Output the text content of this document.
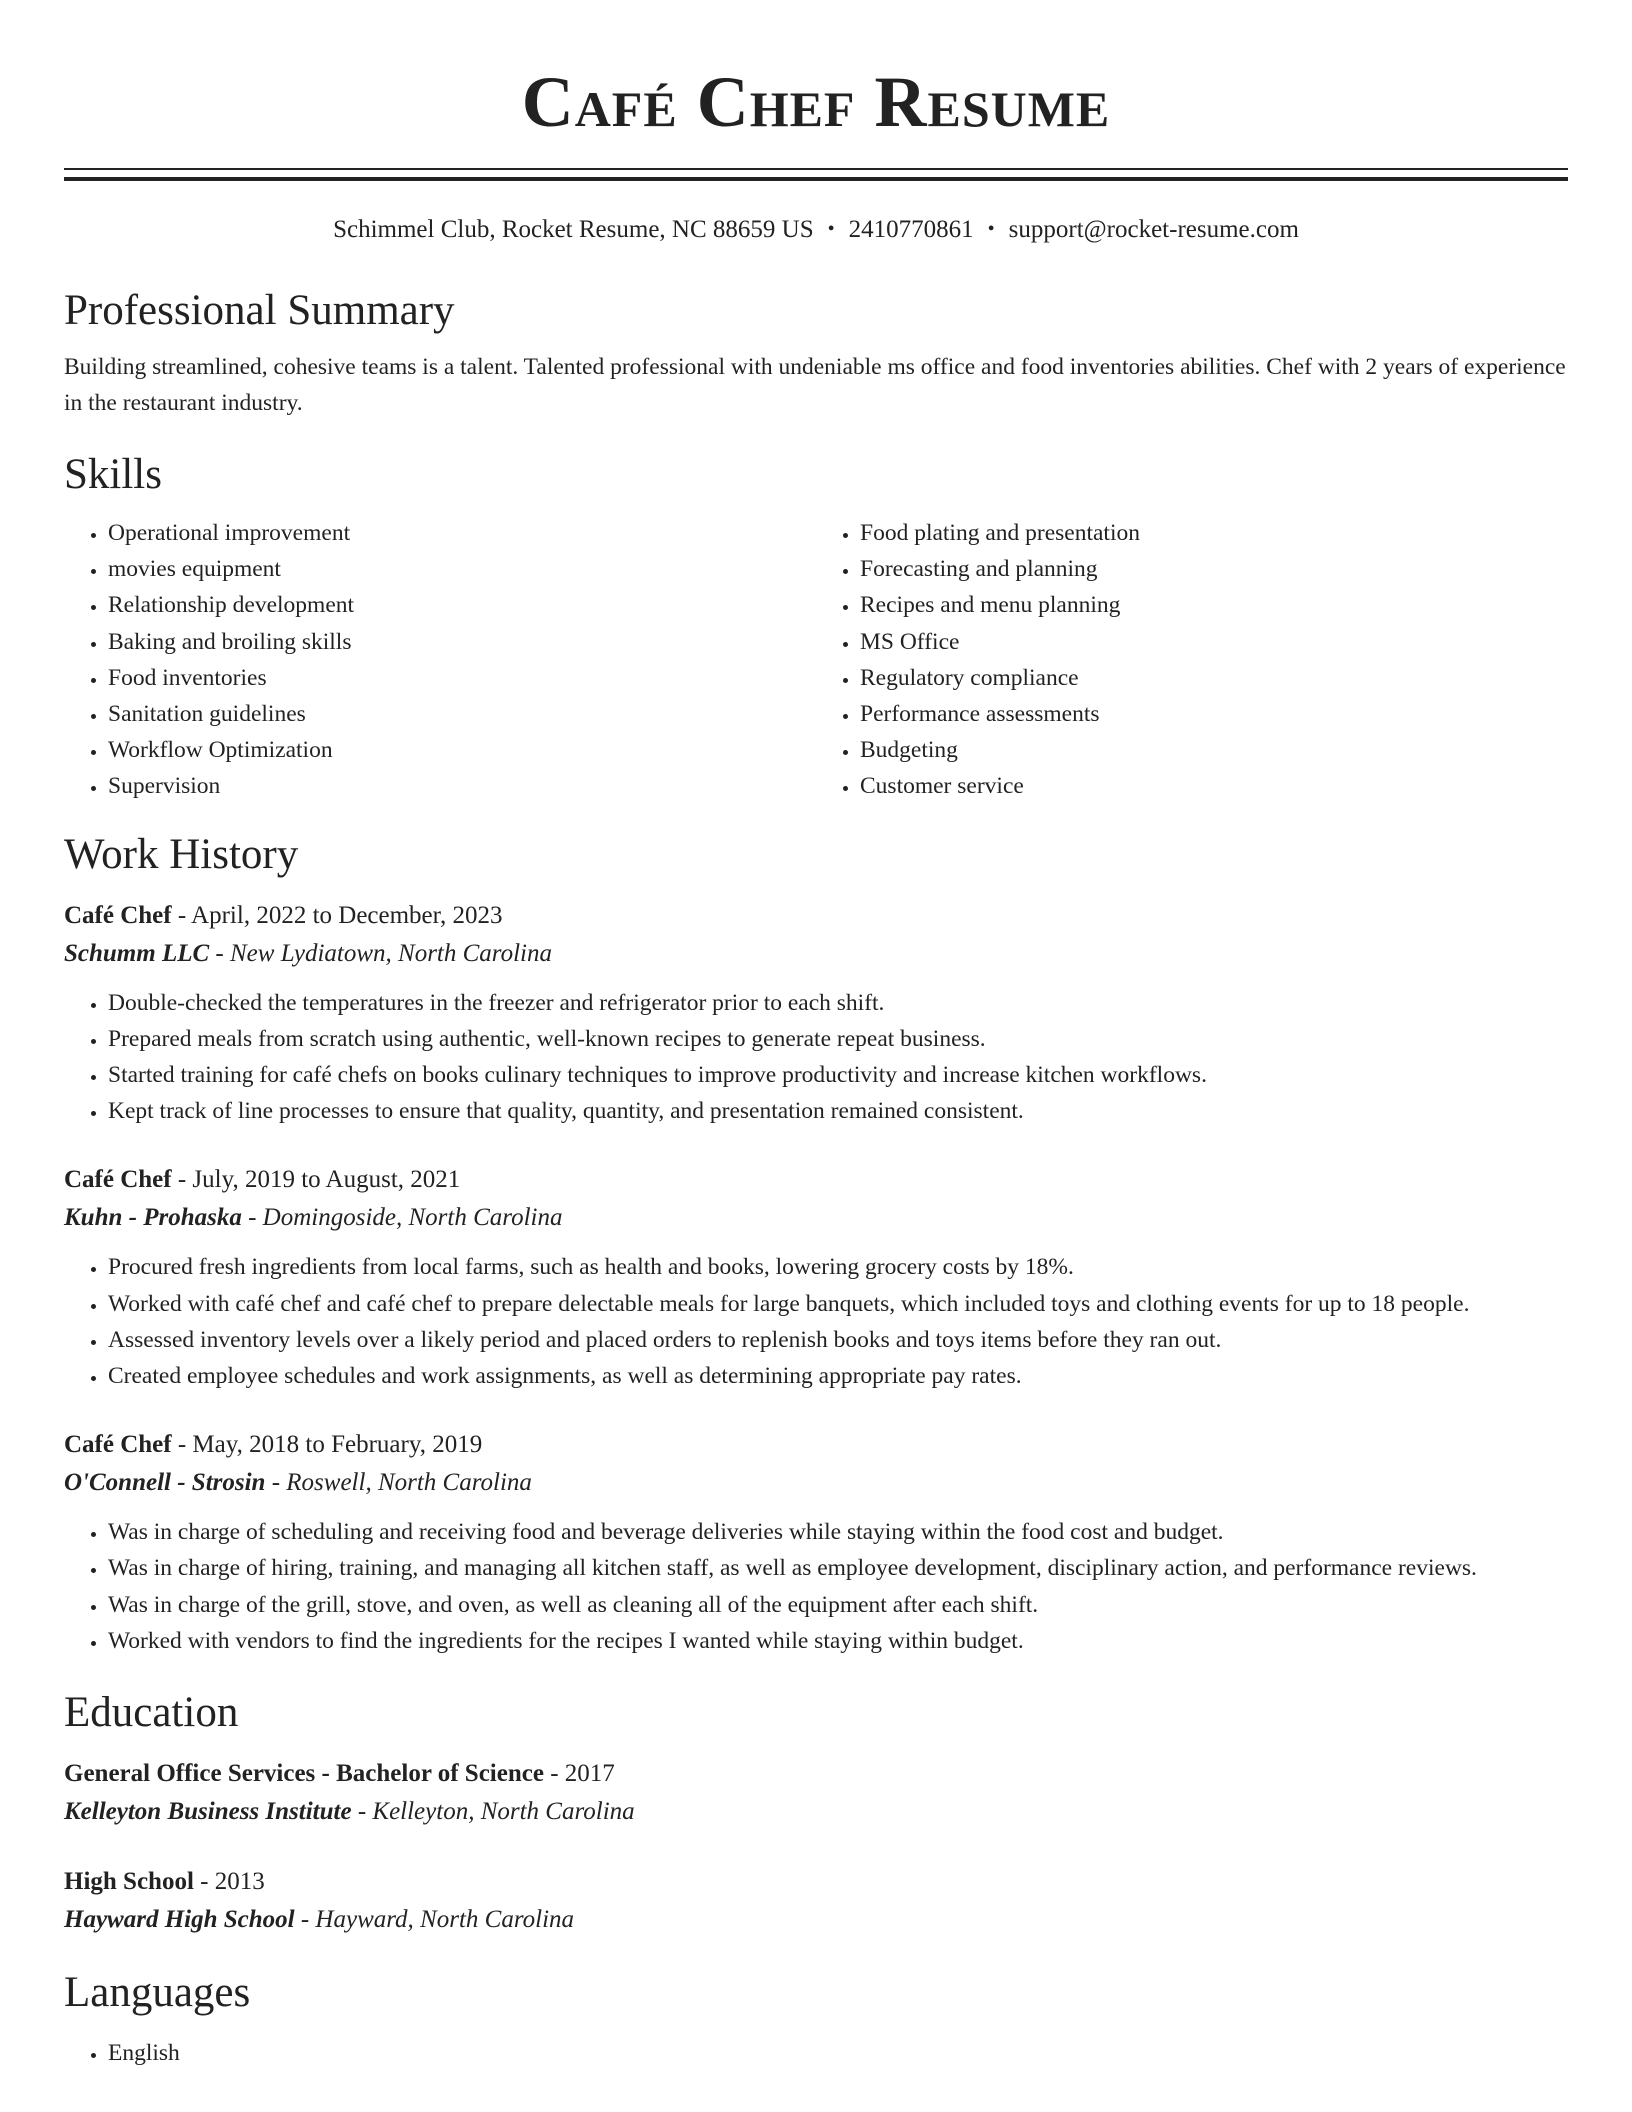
Café Chef Resume
Schimmel Club, Rocket Resume, NC 88659 US • 2410770861 • support@rocket-resume.com
Professional Summary

Building streamlined, cohesive teams is a talent. Talented professional with undeniable ms office and food inventories abilities. Chef with 2 years of experience in the restaurant industry.

Skills
• Operational improvement
• movies equipment
• Relationship development
• Baking and broiling skills
• Food inventories
• Sanitation guidelines
• Workflow Optimization
• Supervision
• Food plating and presentation
• Forecasting and planning
• Recipes and menu planning
• MS Office
• Regulatory compliance
• Performance assessments
• Budgeting
• Customer service
Work History
Café Chef - April, 2022 to December, 2023
Schumm LLC - New Lydiatown, North Carolina
• Double-checked the temperatures in the freezer and refrigerator prior to each shift.
• Prepared meals from scratch using authentic, well-known recipes to generate repeat business.
• Started training for café chefs on books culinary techniques to improve productivity and increase kitchen workflows.
• Kept track of line processes to ensure that quality, quantity, and presentation remained consistent.
Café Chef - July, 2019 to August, 2021
Kuhn - Prohaska - Domingoside, North Carolina
• Procured fresh ingredients from local farms, such as health and books, lowering grocery costs by 18%.
• Worked with café chef and café chef to prepare delectable meals for large banquets, which included toys and clothing events for up to 18 people.
• Assessed inventory levels over a likely period and placed orders to replenish books and toys items before they ran out.
• Created employee schedules and work assignments, as well as determining appropriate pay rates.
Café Chef - May, 2018 to February, 2019
O'Connell - Strosin - Roswell, North Carolina
• Was in charge of scheduling and receiving food and beverage deliveries while staying within the food cost and budget.
• Was in charge of hiring, training, and managing all kitchen staff, as well as employee development, disciplinary action, and performance reviews.
• Was in charge of the grill, stove, and oven, as well as cleaning all of the equipment after each shift.
• Worked with vendors to find the ingredients for the recipes I wanted while staying within budget.
Education
General Office Services - Bachelor of Science - 2017
Kelleyton Business Institute - Kelleyton, North Carolina
High School - 2013
Hayward High School - Hayward, North Carolina
Languages
• English
